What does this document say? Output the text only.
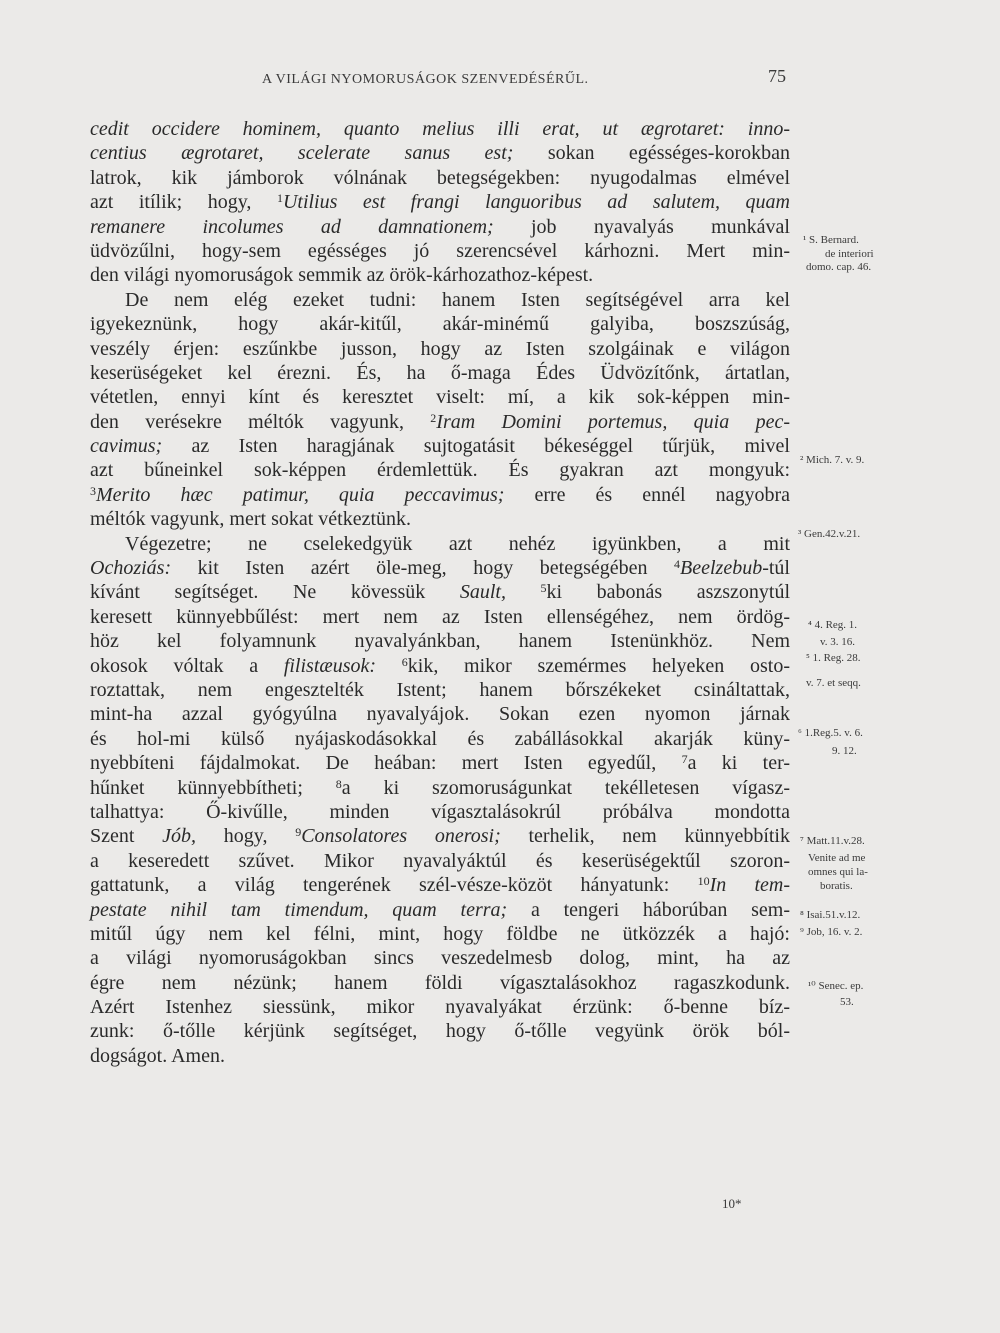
A VILÁGI NYOMORUSÁGOK SZENVEDÉSÉRŰL.	75
cedit occidere hominem, quanto melius illi erat, ut ægrotaret: inno-
centius ægrotaret, scelerate sanus est; sokan egésséges-korokban
latrok, kik jámborok vólnának betegségekben: nyugodalmas elmével
azt itílik; hogy, $^1$Utilius est frangi languoribus ad salutem, quam
remanere incolumes ad damnationem; job nyavalyás munkával
üdvözűlni, hogy-sem egésséges jó szerencsével kárhozni. Mert min-
den világi nyomoruságok semmik az örök-kárhozathoz-képest.
De nem elég ezeket tudni: hanem Isten segítségével arra kel
igyekeznünk, hogy akár-kitűl, akár-minémű galyiba, boszszúság,
veszély érjen: eszűnkbe jusson, hogy az Isten szolgáinak e világon
keserüségeket kel érezni. És, ha ő-maga Édes Üdvözítőnk, ártatlan,
vétetlen, ennyi kínt és keresztet viselt: mí, a kik sok-képpen min-
den verésekre méltók vagyunk, $^2$Iram Domini portemus, quia pec-
cavimus; az Isten haragjának sujtogatásit békeséggel tűrjük, mivel
azt bűneinkel sok-képpen érdemlettük. És gyakran azt mongyuk:
$^3$Merito hæc patimur, quia peccavimus; erre és ennél nagyobra
méltók vagyunk, mert sokat vétkeztünk.
Végezetre; ne cselekedgyük azt nehéz igyünkben, a mit
Ochoziás: kit Isten azért öle-meg, hogy betegségében $^4$Beelzebub-túl
kívánt segítséget. Ne kövessük Sault,	$^5$ki babonás aszszonytúl
keresett künnyebbűlést: mert nem az Isten ellenségéhez, nem ördög-
höz kel folyamnunk nyavalyánkban, hanem Istenünkhöz. Nem
okosok vóltak a filistæusok: $^6$kik, mikor szemérmes helyeken osto-
roztattak, nem engesztelték Istent; hanem bőrszékeket csináltattak,
mint-ha azzal gyógyúlna nyavalyájok. Sokan ezen nyomon járnak
és hol-mi külső nyájaskodásokkal és zabállásokkal akarják küny-
nyebbíteni fájdalmokat. De heában: mert Isten egyedűl, $^7$a ki ter-
hűnket künnyebbítheti; $^8$a ki szomoruságunkat tekélletesen vígasz-
talhattya: Ő-kivűlle, minden vígasztalásokrúl próbálva mondotta
Szent Jób, hogy, $^9$Consolatores onerosi; terhelik, nem künnyebbítik
a keseredett szűvet. Mikor nyavalyáktúl és keserüségektűl szoron-
gattatunk, a világ tengerének szél-vésze-közöt hányatunk: $^{10}$In tem-
pestate nihil tam timendum, quam terra; a tengeri háborúban sem-
mitűl úgy nem kel félni, mint, hogy földbe ne ütközzék a hajó:
a világi nyomoruságokban sincs veszedelmesb dolog, mint, ha az
égre nem nézünk; hanem földi vígasztalásokhoz ragaszkodunk.
Azért Istenhez siessünk, mikor nyavalyákat érzünk: ő-benne bíz-
zunk: ő-tőlle kérjünk segítséget, hogy ő-tőlle vegyünk örök ból-
dogságot. Amen.
¹ S. Bernard.
de interiori
domo. cap. 46.
² Mich. 7. v. 9.
³ Gen.42.v.21.
⁴ 4. Reg. 1.
v. 3. 16.
⁵ 1. Reg. 28.
v. 7. et seqq.
⁶ 1.Reg.5. v. 6.
9. 12.
⁷ Matt.11.v.28.
Venite ad me
omnes qui la-
boratis.
⁸ Isai.51.v.12.
⁹ Job, 16. v. 2.
¹⁰ Senec. ep.
53.
10*
